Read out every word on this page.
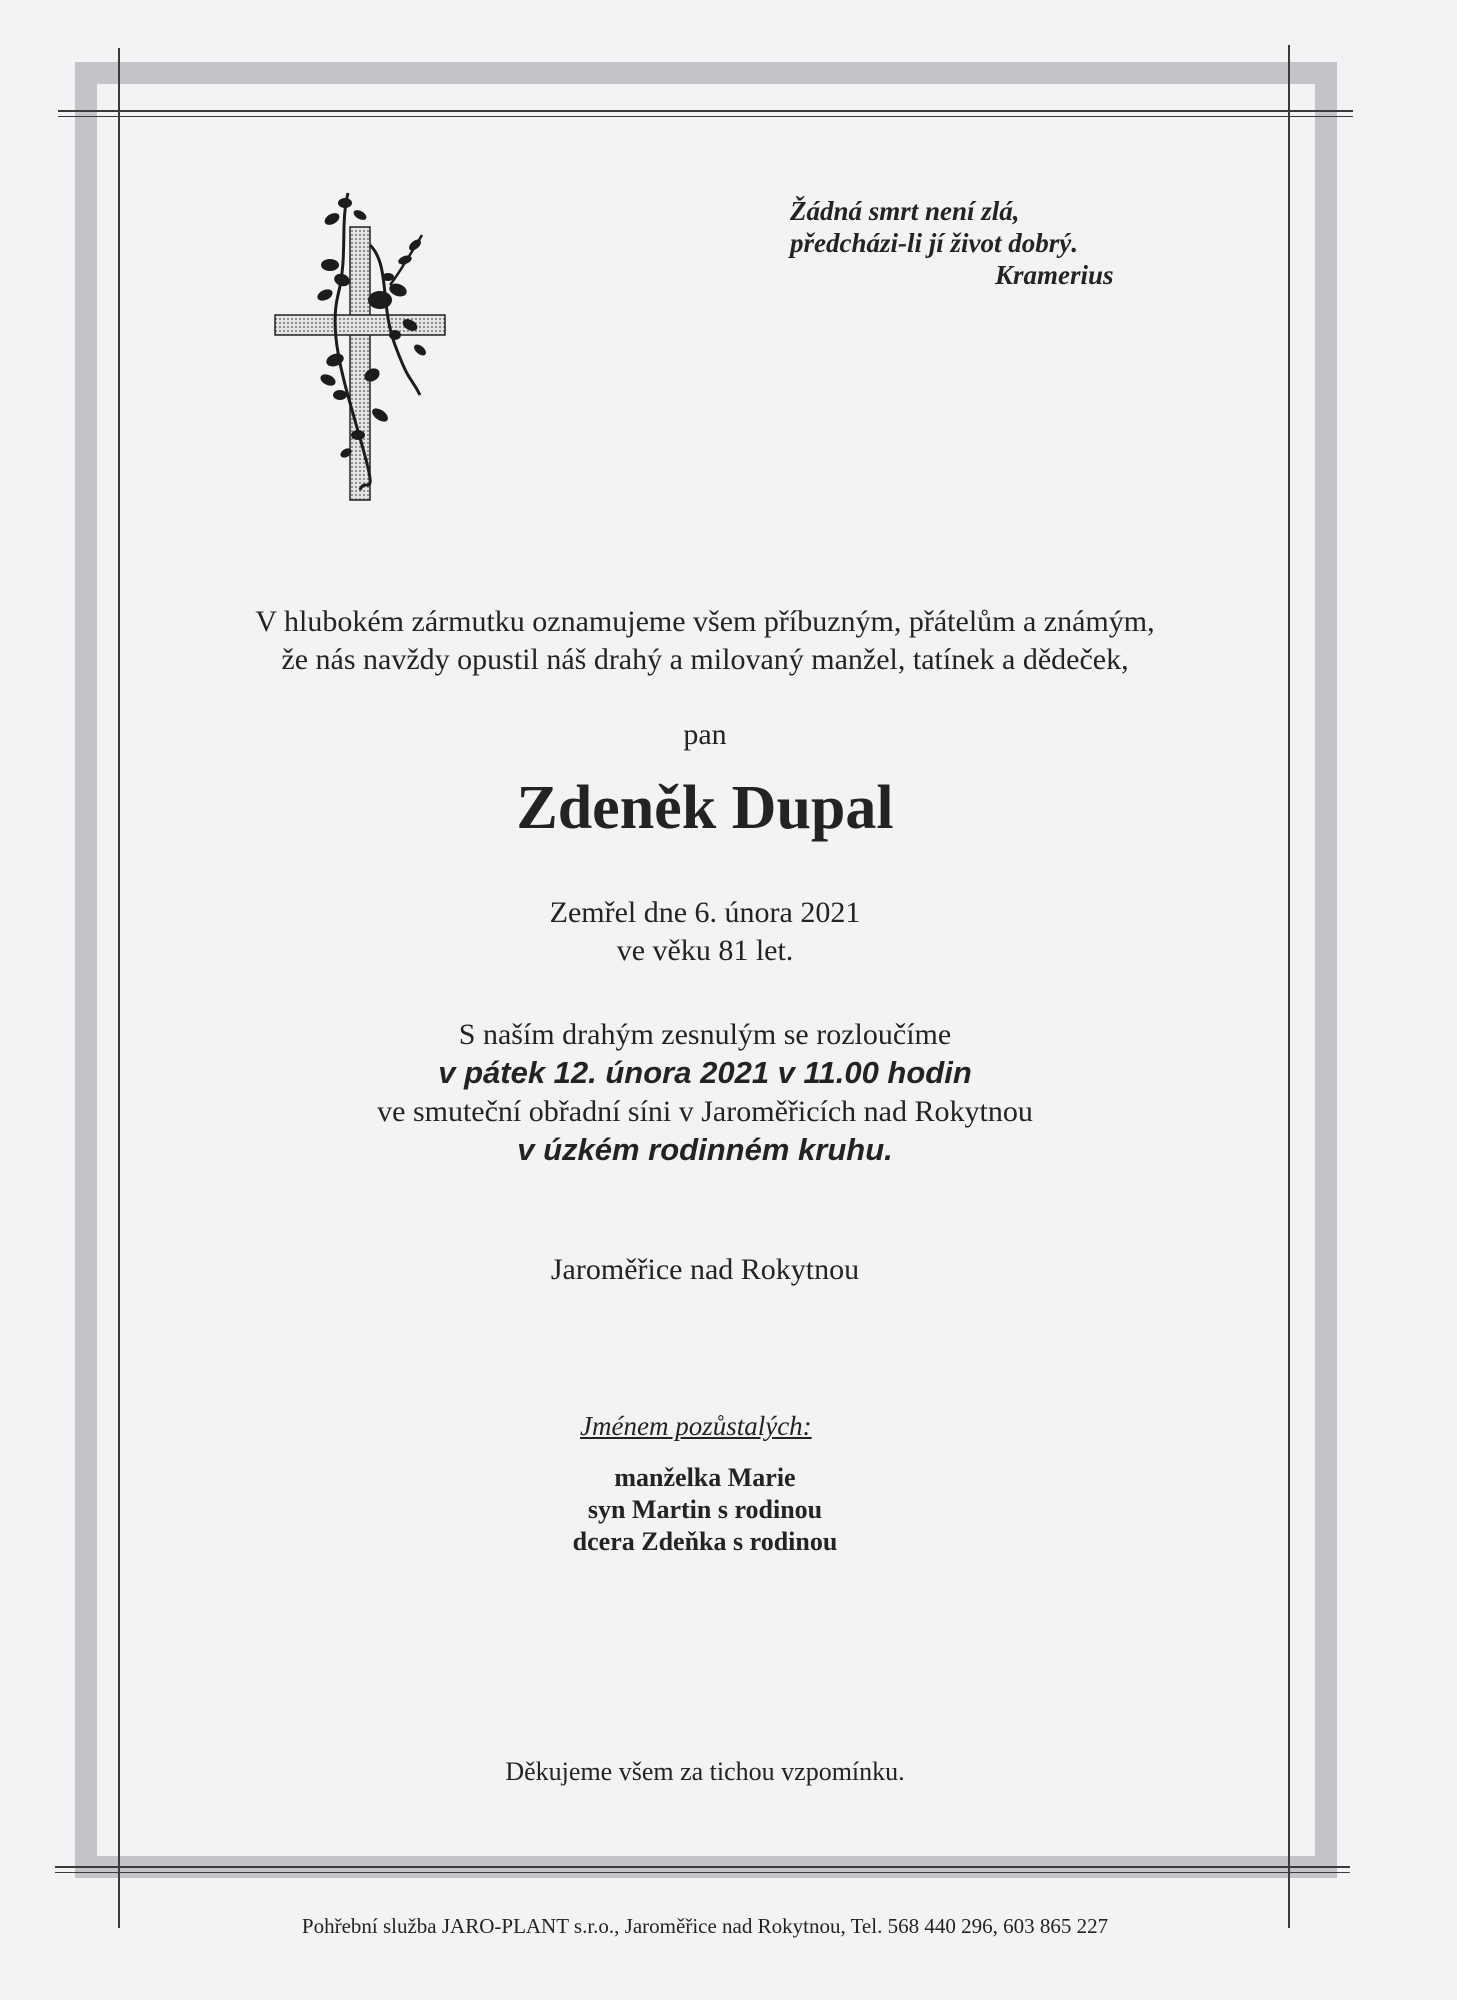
Žádná smrt není zlá,
předcházi-li jí život dobrý.
Kramerius
V hlubokém zármutku oznamujeme všem příbuzným, přátelům a známým,
že nás navždy opustil náš drahý a milovaný manžel, tatínek a dědeček,
pan
Zdeněk Dupal
Zemřel dne 6. února 2021
ve věku 81 let.
S naším drahým zesnulým se rozloučíme
v pátek 12. února 2021 v 11.00 hodin
ve smuteční obřadní síni v Jaroměřicích nad Rokytnou
v úzkém rodinném kruhu.
Jaroměřice nad Rokytnou
Jménem pozůstalých:
manželka Marie
syn Martin s rodinou
dcera Zdeňka s rodinou
Děkujeme všem za tichou vzpomínku.
Pohřební služba JARO-PLANT s.r.o., Jaroměřice nad Rokytnou, Tel. 568 440 296, 603 865 227
